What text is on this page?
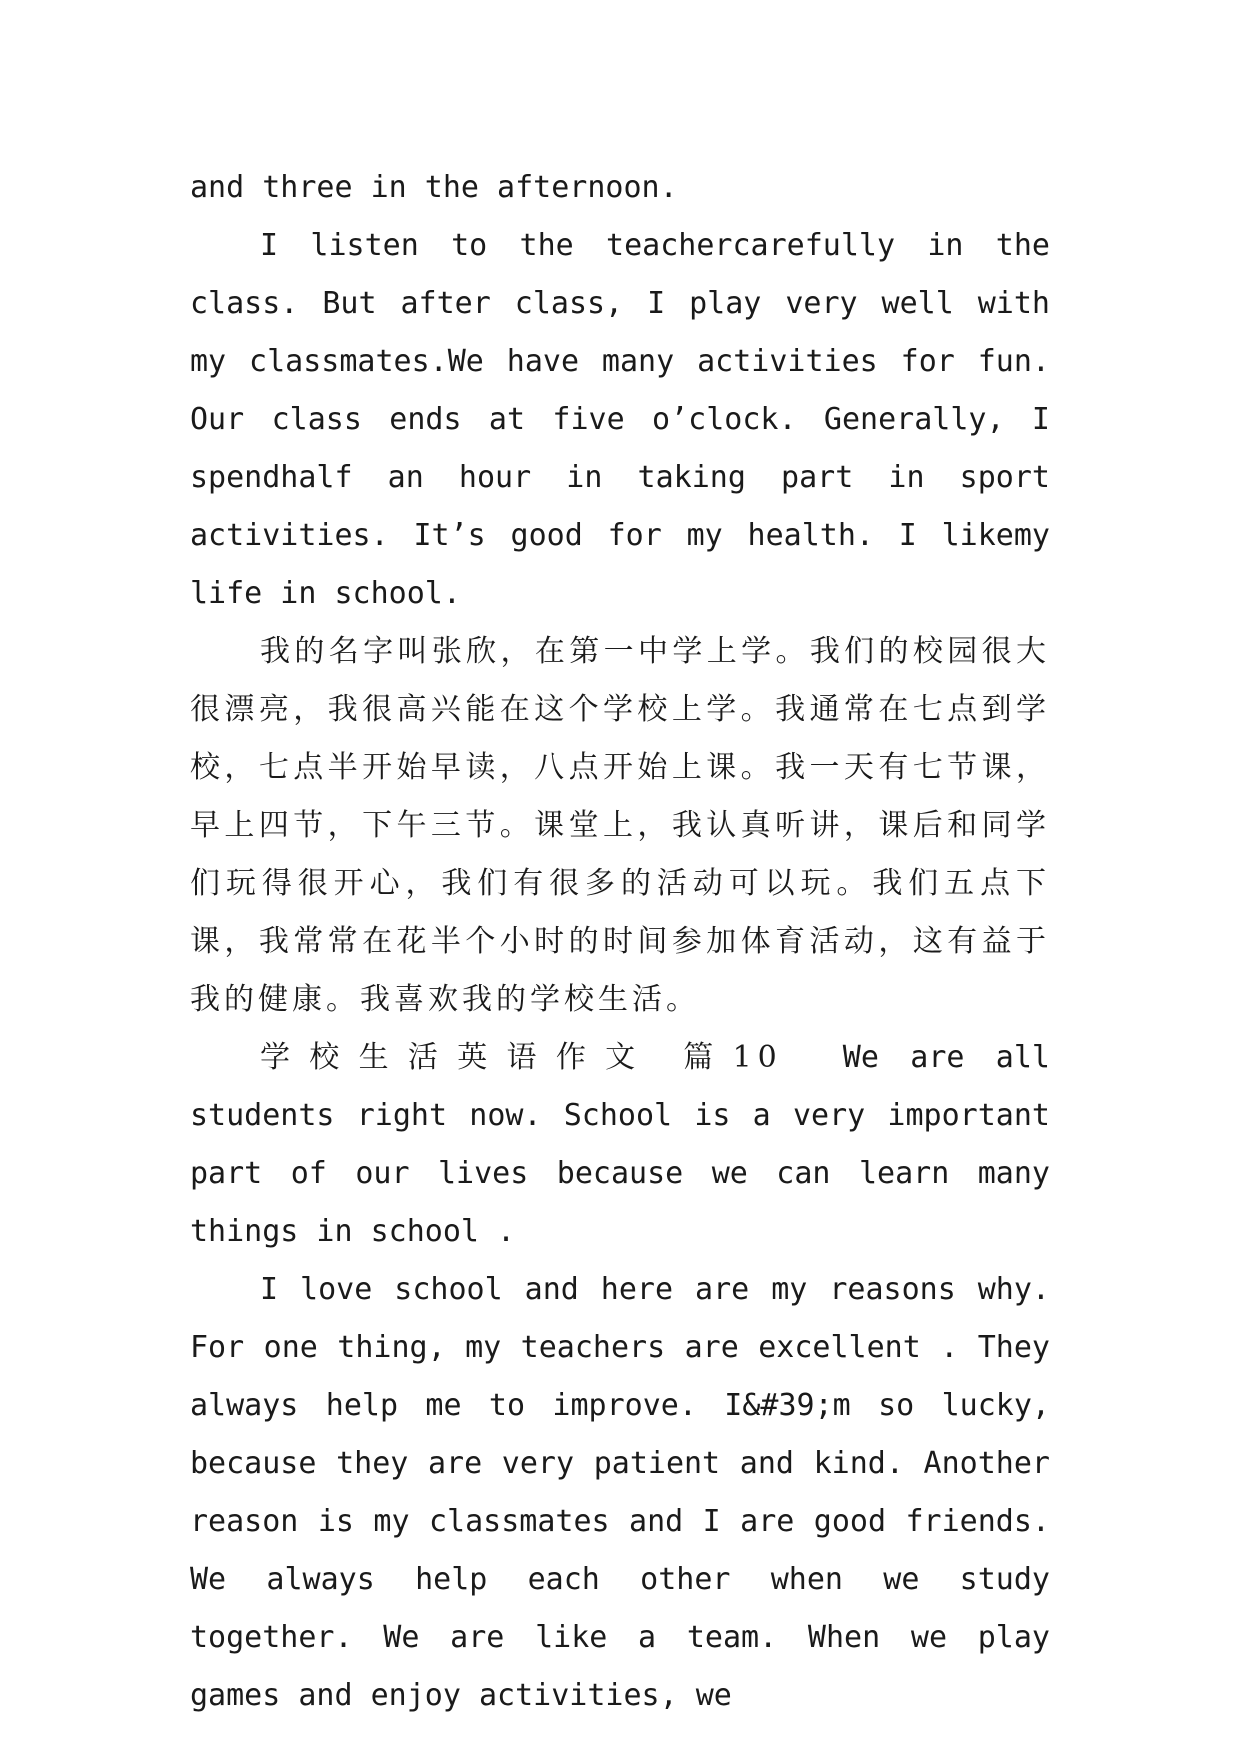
and three in the afternoon.

I listen to the teachercarefully in the class. But after class, I play very well with my classmates.We have many activities for fun. Our class ends at five o’clock. Generally, I spendhalf an hour in taking part in sport activities. It’s good for my health. I likemy life in school.

我的名字叫张欣，在第一中学上学。我们的校园很大很漂亮，我很高兴能在这个学校上学。我通常在七点到学校，七点半开始早读，八点开始上课。我一天有七节课，早上四节，下午三节。课堂上，我认真听讲，课后和同学们玩得很开心，我们有很多的活动可以玩。我们五点下课，我常常在花半个小时的时间参加体育活动，这有益于我的健康。我喜欢我的学校生活。

学校生活英语作文 篇10 We are all students right now. School is a very important part of our lives because we can learn many things in school .

I love school and here are my reasons why. For one thing, my teachers are excellent . They always help me to improve. I&#39;m so lucky, because they are very patient and kind. Another reason is my classmates and I are good friends. We always help each other when we study together. We are like a team. When we play games and enjoy activities, we
